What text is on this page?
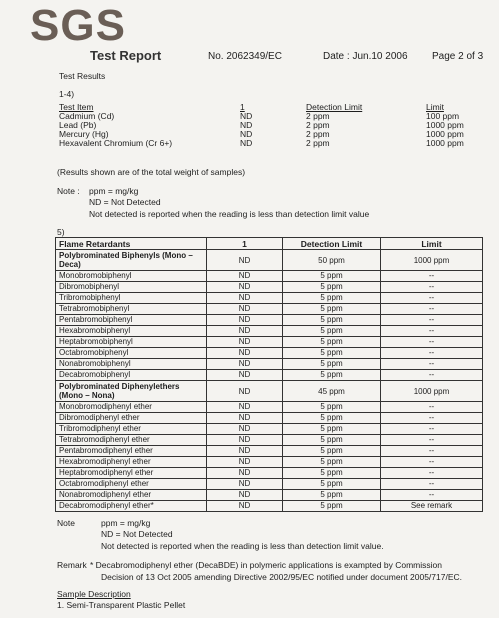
SGS
Test Report	No. 2062349/EC	Date : Jun.10 2006 Page 2 of 3
Test Results
1-4)
Test Item	1	Detection Limit	Limit
Cadmium (Cd)	ND	2 ppm	100 ppm
Lead (Pb)	ND	2 ppm	1000 ppm
Mercury (Hg)	ND	2 ppm	1000 ppm
Hexavalent Chromium (Cr 6+)	ND	2 ppm	1000 ppm
(Results shown are of the total weight of samples)
Note : ppm = mg/kg
ND = Not Detected
Not detected is reported when the reading is less than detection limit value
5)
Flame Retardants	1	Detection Limit	Limit
Polybrominated Biphenyls (Mono – Deca)	ND	50 ppm	1000 ppm
Monobromobiphenyl	ND	5 ppm	--
Dibromobiphenyl	ND	5 ppm	--
Tribromobiphenyl	ND	5 ppm	--
Tetrabromobiphenyl	ND	5 ppm	--
Pentabromobiphenyl	ND	5 ppm	--
Hexabromobiphenyl	ND	5 ppm	--
Heptabromobiphenyl	ND	5 ppm	--
Octabromobiphenyl	ND	5 ppm	--
Nonabromobiphenyl	ND	5 ppm	--
Decabromobiphenyl	ND	5 ppm	--
Polybrominated Diphenylethers (Mono – Nona)	ND	45 ppm	1000 ppm
Monobromodiphenyl ether	ND	5 ppm	--
Dibromodiphenyl ether	ND	5 ppm	--
Tribromodiphenyl ether	ND	5 ppm	--
Tetrabromodiphenyl ether	ND	5 ppm	--
Pentabromodiphenyl ether	ND	5 ppm	--
Hexabromodiphenyl ether	ND	5 ppm	--
Heptabromodiphenyl ether	ND	5 ppm	--
Octabromodiphenyl ether	ND	5 ppm	--
Nonabromodiphenyl ether	ND	5 ppm	--
Decabromodiphenyl ether*	ND	5 ppm	See remark
Note	ppm = mg/kg
ND = Not Detected
Not detected is reported when the reading is less than detection limit value.
Remark * Decabromodiphenyl ether (DecaBDE) in polymeric applications is exampted by Commission
Decision of 13 Oct 2005 amending Directive 2002/95/EC notified under document 2005/717/EC.
Sample Description
1. Semi-Transparent Plastic Pellet
